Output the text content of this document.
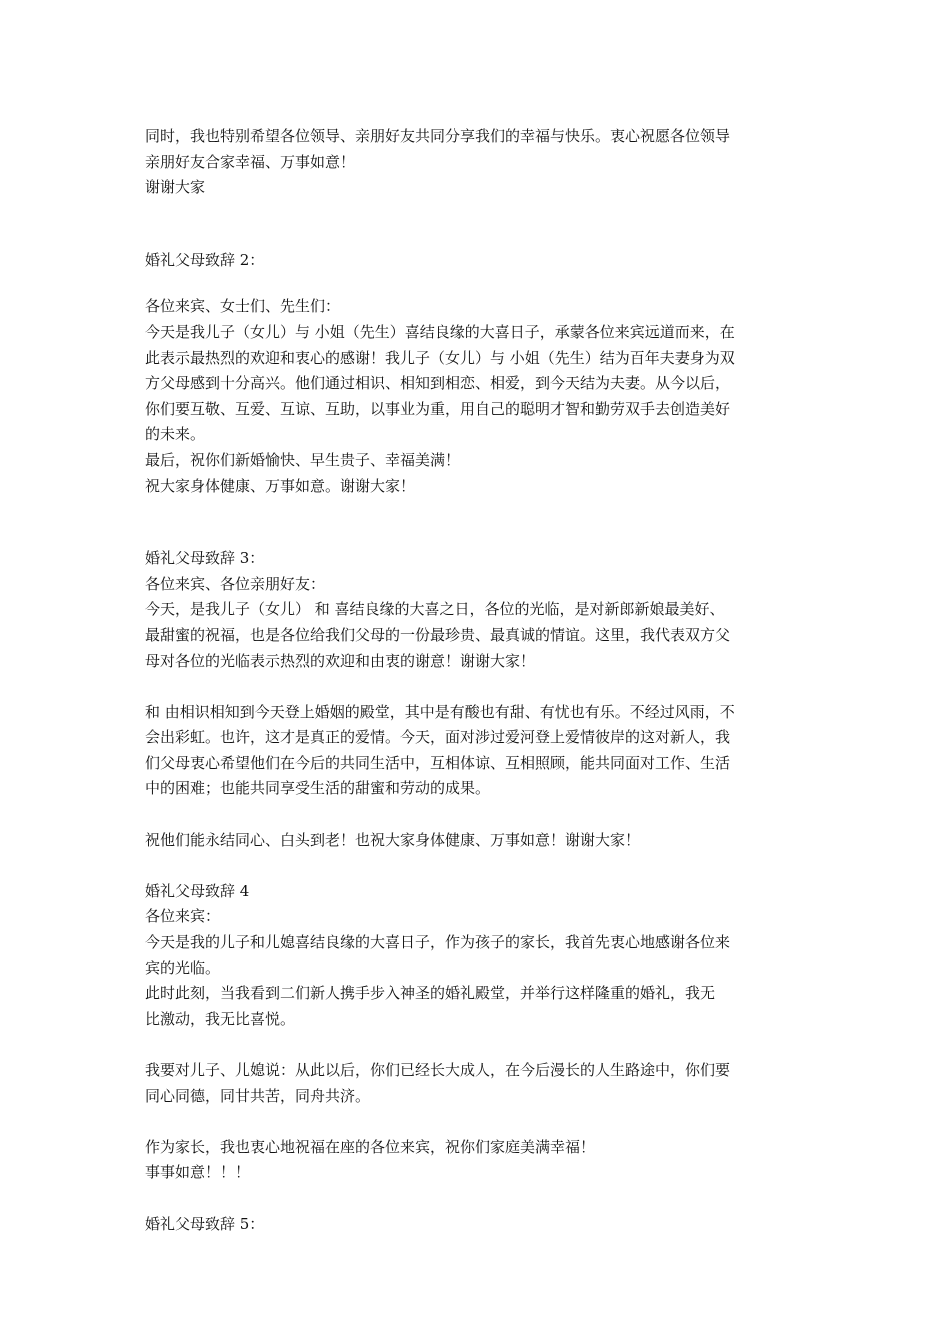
同时，我也特别希望各位领导、亲朋好友共同分享我们的幸福与快乐。衷心祝愿各位领导
亲朋好友合家幸福、万事如意！
谢谢大家
婚礼父母致辞 2：
各位来宾、女士们、先生们：
今天是我儿子（女儿）与 小姐（先生）喜结良缘的大喜日子，承蒙各位来宾远道而来，在
此表示最热烈的欢迎和衷心的感谢！我儿子（女儿）与 小姐（先生）结为百年夫妻身为双
方父母感到十分高兴。他们通过相识、相知到相恋、相爱，到今天结为夫妻。从今以后，
你们要互敬、互爱、互谅、互助，以事业为重，用自己的聪明才智和勤劳双手去创造美好
的未来。
最后，祝你们新婚愉快、早生贵子、幸福美满！
祝大家身体健康、万事如意。谢谢大家！
婚礼父母致辞 3：
各位来宾、各位亲朋好友：
今天，是我儿子（女儿） 和 喜结良缘的大喜之日，各位的光临，是对新郎新娘最美好、
最甜蜜的祝福，也是各位给我们父母的一份最珍贵、最真诚的情谊。这里，我代表双方父
母对各位的光临表示热烈的欢迎和由衷的谢意！谢谢大家！
和 由相识相知到今天登上婚姻的殿堂，其中是有酸也有甜、有忧也有乐。不经过风雨，不
会出彩虹。也许，这才是真正的爱情。今天，面对涉过爱河登上爱情彼岸的这对新人，我
们父母衷心希望他们在今后的共同生活中，互相体谅、互相照顾，能共同面对工作、生活
中的困难；也能共同享受生活的甜蜜和劳动的成果。
祝他们能永结同心、白头到老！也祝大家身体健康、万事如意！谢谢大家！
婚礼父母致辞 4
各位来宾：
今天是我的儿子和儿媳喜结良缘的大喜日子，作为孩子的家长，我首先衷心地感谢各位来
宾的光临。
此时此刻，当我看到二们新人携手步入神圣的婚礼殿堂，并举行这样隆重的婚礼，我无
比激动，我无比喜悦。
我要对儿子、儿媳说：从此以后，你们已经长大成人，在今后漫长的人生路途中，你们要
同心同德，同甘共苦，同舟共济。
作为家长，我也衷心地祝福在座的各位来宾，祝你们家庭美满幸福！
事事如意！！！
婚礼父母致辞 5：
